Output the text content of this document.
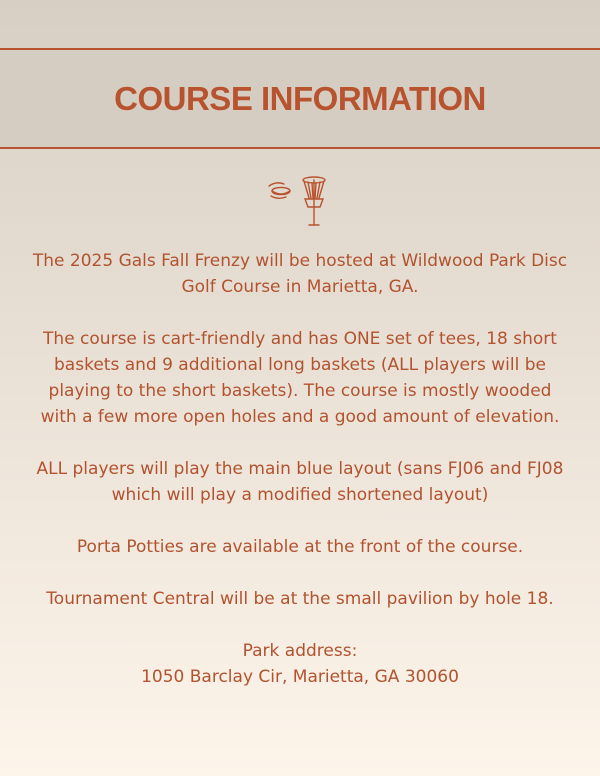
COURSE INFORMATION

The 2025 Gals Fall Frenzy will be hosted at Wildwood Park Disc Golf Course in Marietta, GA.

The course is cart-friendly and has ONE set of tees, 18 short baskets and 9 additional long baskets (ALL players will be playing to the short baskets). The course is mostly wooded with a few more open holes and a good amount of elevation.

ALL players will play the main blue layout (sans FJ06 and FJ08 which will play a modified shortened layout)

Porta Potties are available at the front of the course.

Tournament Central will be at the small pavilion by hole 18.

Park address:
1050 Barclay Cir, Marietta, GA 30060
